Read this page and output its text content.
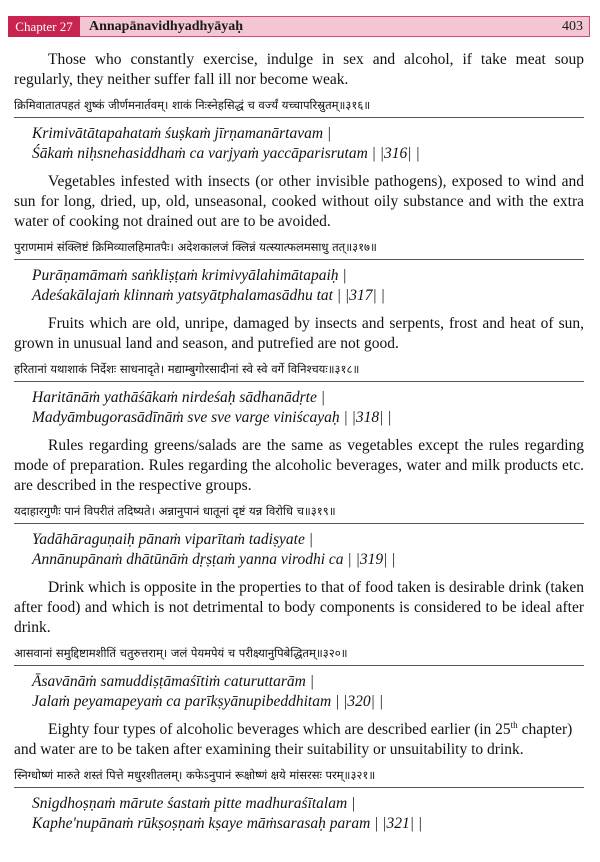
Chapter 27	Annapānavidhyadhyāyaḥ	403

Those who constantly exercise, indulge in sex and alcohol, if take meat soup regularly, they neither suffer fall ill nor become weak.

क्रिमिवातातपहतं शुष्कं जीर्णमनार्तवम्। शाकं निःस्नेहसिद्धं च वर्ज्यं यच्चापरिस्रुतम्॥३१६॥

Krimivātātapahataṁ śuṣkaṁ jīrṇamanārtavam |

Śākaṁ niḥsnehasiddhaṁ ca varjyaṁ yaccāparisrutam | |316| |

Vegetables infested with insects (or other invisible pathogens), exposed to wind and sun for long, dried, up, old, unseasonal, cooked without oily substance and with the extra water of cooking not drained out are to be avoided.

पुराणमामं संक्लिष्टं क्रिमिव्यालहिमातपैः। अदेशकालजं क्लिन्नं यत्स्यात्फलमसाधु तत्॥३१७॥

Purāṇamāmaṁ saṅkliṣṭaṁ krimivyālahimātapaiḥ |

Adeśakālajaṁ klinnaṁ yatsyātphalamasādhu tat | |317| |

Fruits which are old, unripe, damaged by insects and serpents, frost and heat of sun, grown in unusual land and season, and putrefied are not good.

हरितानां यथाशाकं निर्देशः साधनादृते। मद्याम्बुगोरसादीनां स्वे स्वे वर्गे विनिश्चयः॥३१८॥

Haritānāṁ yathāśākaṁ nirdeśaḥ sādhanādṛte |

Madyāmbugorasādīnāṁ sve sve varge viniścayaḥ | |318| |

Rules regarding greens/salads are the same as vegetables except the rules regarding mode of preparation. Rules regarding the alcoholic beverages, water and milk products etc. are described in the respective groups.

यदाहारगुणैः पानं विपरीतं तदिष्यते। अन्नानुपानं धातूनां दृष्टं यन्न विरोधि च॥३१९॥

Yadāhāraguṇaiḥ pānaṁ viparītaṁ tadiṣyate |

Annānupānaṁ dhātūnāṁ dṛṣṭaṁ yanna virodhi ca | |319| |

Drink which is opposite in the properties to that of food taken is desirable drink (taken after food) and which is not detrimental to body components is considered to be ideal after drink.

आसवानां समुद्दिष्टामशीतिं चतुरुत्तराम्। जलं पेयमपेयं च परीक्ष्यानुपिबेद्धितम्॥३२०॥

Āsavānāṁ samuddiṣṭāmaśītiṁ caturuttarām |

Jalaṁ peyamapeyaṁ ca parīkṣyānupibeddhitam | |320| |

Eighty four types of alcoholic beverages which are described earlier (in 25th chapter) and water are to be taken after examining their suitability or unsuitability to drink.

स्निग्धोष्णं मारुते शस्तं पित्ते मधुरशीतलम्। कफेऽनुपानं रूक्षोष्णं क्षये मांसरसः परम्॥३२१॥

Snigdhoṣṇaṁ mārute śastaṁ pitte madhuraśītalam |

Kaphe'nupānaṁ rūkṣoṣṇaṁ kṣaye māṁsarasaḥ param | |321| |
